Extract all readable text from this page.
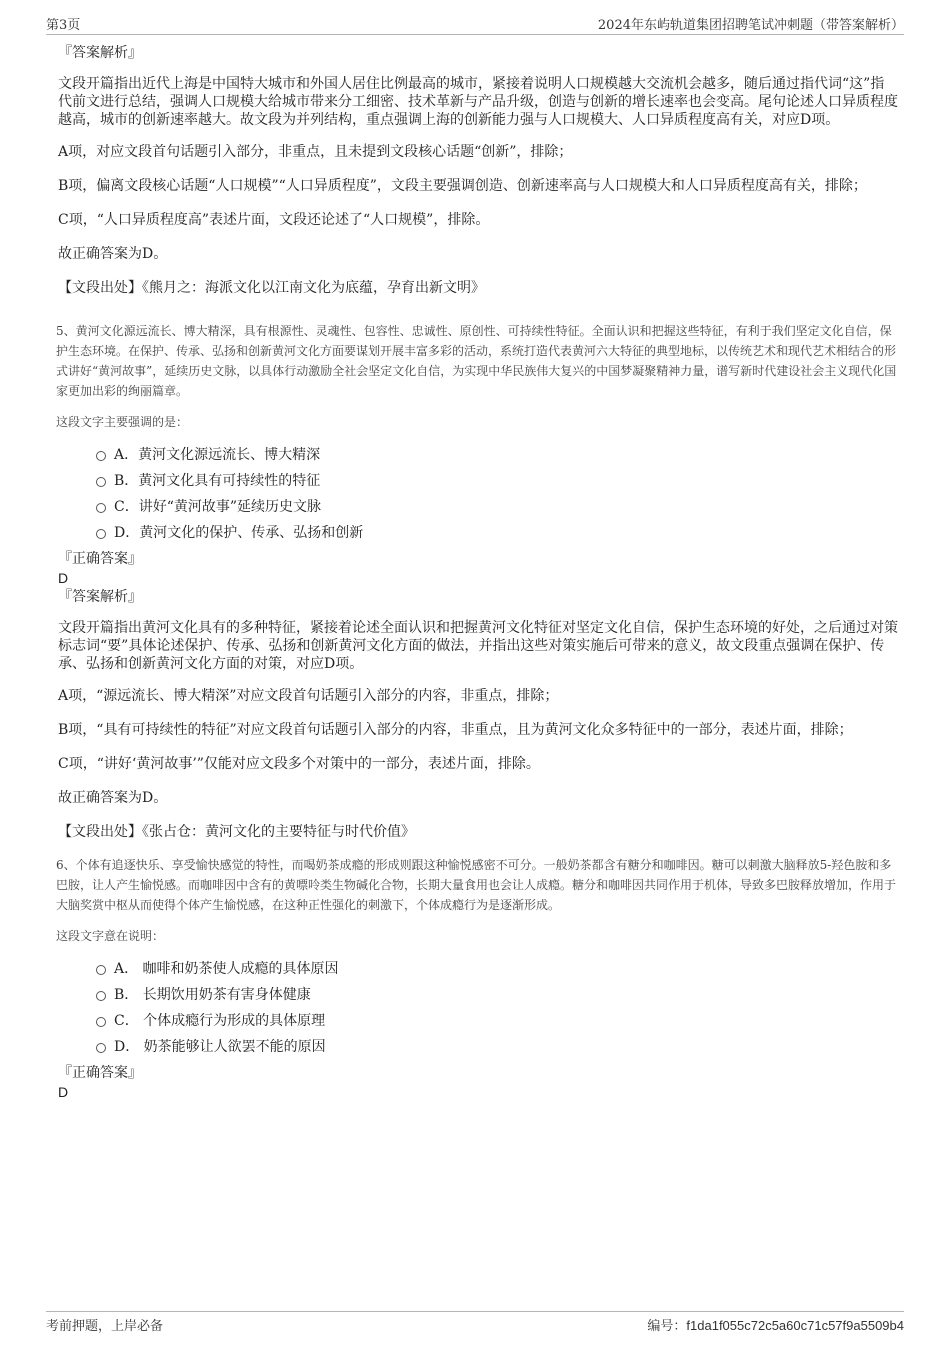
第3页	2024年东屿轨道集团招聘笔试冲刺题（带答案解析）

『答案解析』

文段开篇指出近代上海是中国特大城市和外国人居住比例最高的城市，紧接着说明人口规模越大交流机会越多，随后通过指代词“这”指代前文进行总结，强调人口规模大给城市带来分工细密、技术革新与产品升级，创造与创新的增长速率也会变高。尾句论述人口异质程度越高，城市的创新速率越大。故文段为并列结构，重点强调上海的创新能力强与人口规模大、人口异质程度高有关，对应D项。

A项，对应文段首句话题引入部分，非重点，且未提到文段核心话题“创新”，排除；

B项，偏离文段核心话题“人口规模”“人口异质程度”，文段主要强调创造、创新速率高与人口规模大和人口异质程度高有关，排除；

C项，“人口异质程度高”表述片面，文段还论述了“人口规模”，排除。

故正确答案为D。

【文段出处】《熊月之：海派文化以江南文化为底蕴，孕育出新文明》

5、黄河文化源远流长、博大精深，具有根源性、灵魂性、包容性、忠诚性、原创性、可持续性特征。全面认识和把握这些特征，有利于我们坚定文化自信，保护生态环境。在保护、传承、弘扬和创新黄河文化方面要谋划开展丰富多彩的活动，系统打造代表黄河六大特征的典型地标，以传统艺术和现代艺术相结合的形式讲好“黄河故事”，延续历史文脉，以具体行动激励全社会坚定文化自信，为实现中华民族伟大复兴的中国梦凝聚精神力量，谱写新时代建设社会主义现代化国家更加出彩的绚丽篇章。

这段文字主要强调的是：

A．黄河文化源远流长、博大精深
B．黄河文化具有可持续性的特征
C．讲好“黄河故事”延续历史文脉
D．黄河文化的保护、传承、弘扬和创新

『正确答案』

D

『答案解析』

文段开篇指出黄河文化具有的多种特征，紧接着论述全面认识和把握黄河文化特征对坚定文化自信，保护生态环境的好处，之后通过对策标志词“要”具体论述保护、传承、弘扬和创新黄河文化方面的做法，并指出这些对策实施后可带来的意义，故文段重点强调在保护、传承、弘扬和创新黄河文化方面的对策，对应D项。

A项，“源远流长、博大精深”对应文段首句话题引入部分的内容，非重点，排除；

B项，“具有可持续性的特征”对应文段首句话题引入部分的内容，非重点，且为黄河文化众多特征中的一部分，表述片面，排除；

C项，“讲好‘黄河故事’”仅能对应文段多个对策中的一部分，表述片面，排除。

故正确答案为D。

【文段出处】《张占仓：黄河文化的主要特征与时代价值》

6、个体有追逐快乐、享受愉快感觉的特性，而喝奶茶成瘾的形成则跟这种愉悦感密不可分。一般奶茶都含有糖分和咖啡因。糖可以刺激大脑释放5-羟色胺和多巴胺，让人产生愉悦感。而咖啡因中含有的黄嘌呤类生物碱化合物，长期大量食用也会让人成瘾。糖分和咖啡因共同作用于机体，导致多巴胺释放增加，作用于大脑奖赏中枢从而使得个体产生愉悦感，在这种正性强化的刺激下，个体成瘾行为是逐渐形成。

这段文字意在说明：

A． 咖啡和奶茶使人成瘾的具体原因
B． 长期饮用奶茶有害身体健康
C． 个体成瘾行为形成的具体原理
D． 奶茶能够让人欲罢不能的原因

『正确答案』

D

考前押题，上岸必备	编号：f1da1f055c72c5a60c71c57f9a5509b4
